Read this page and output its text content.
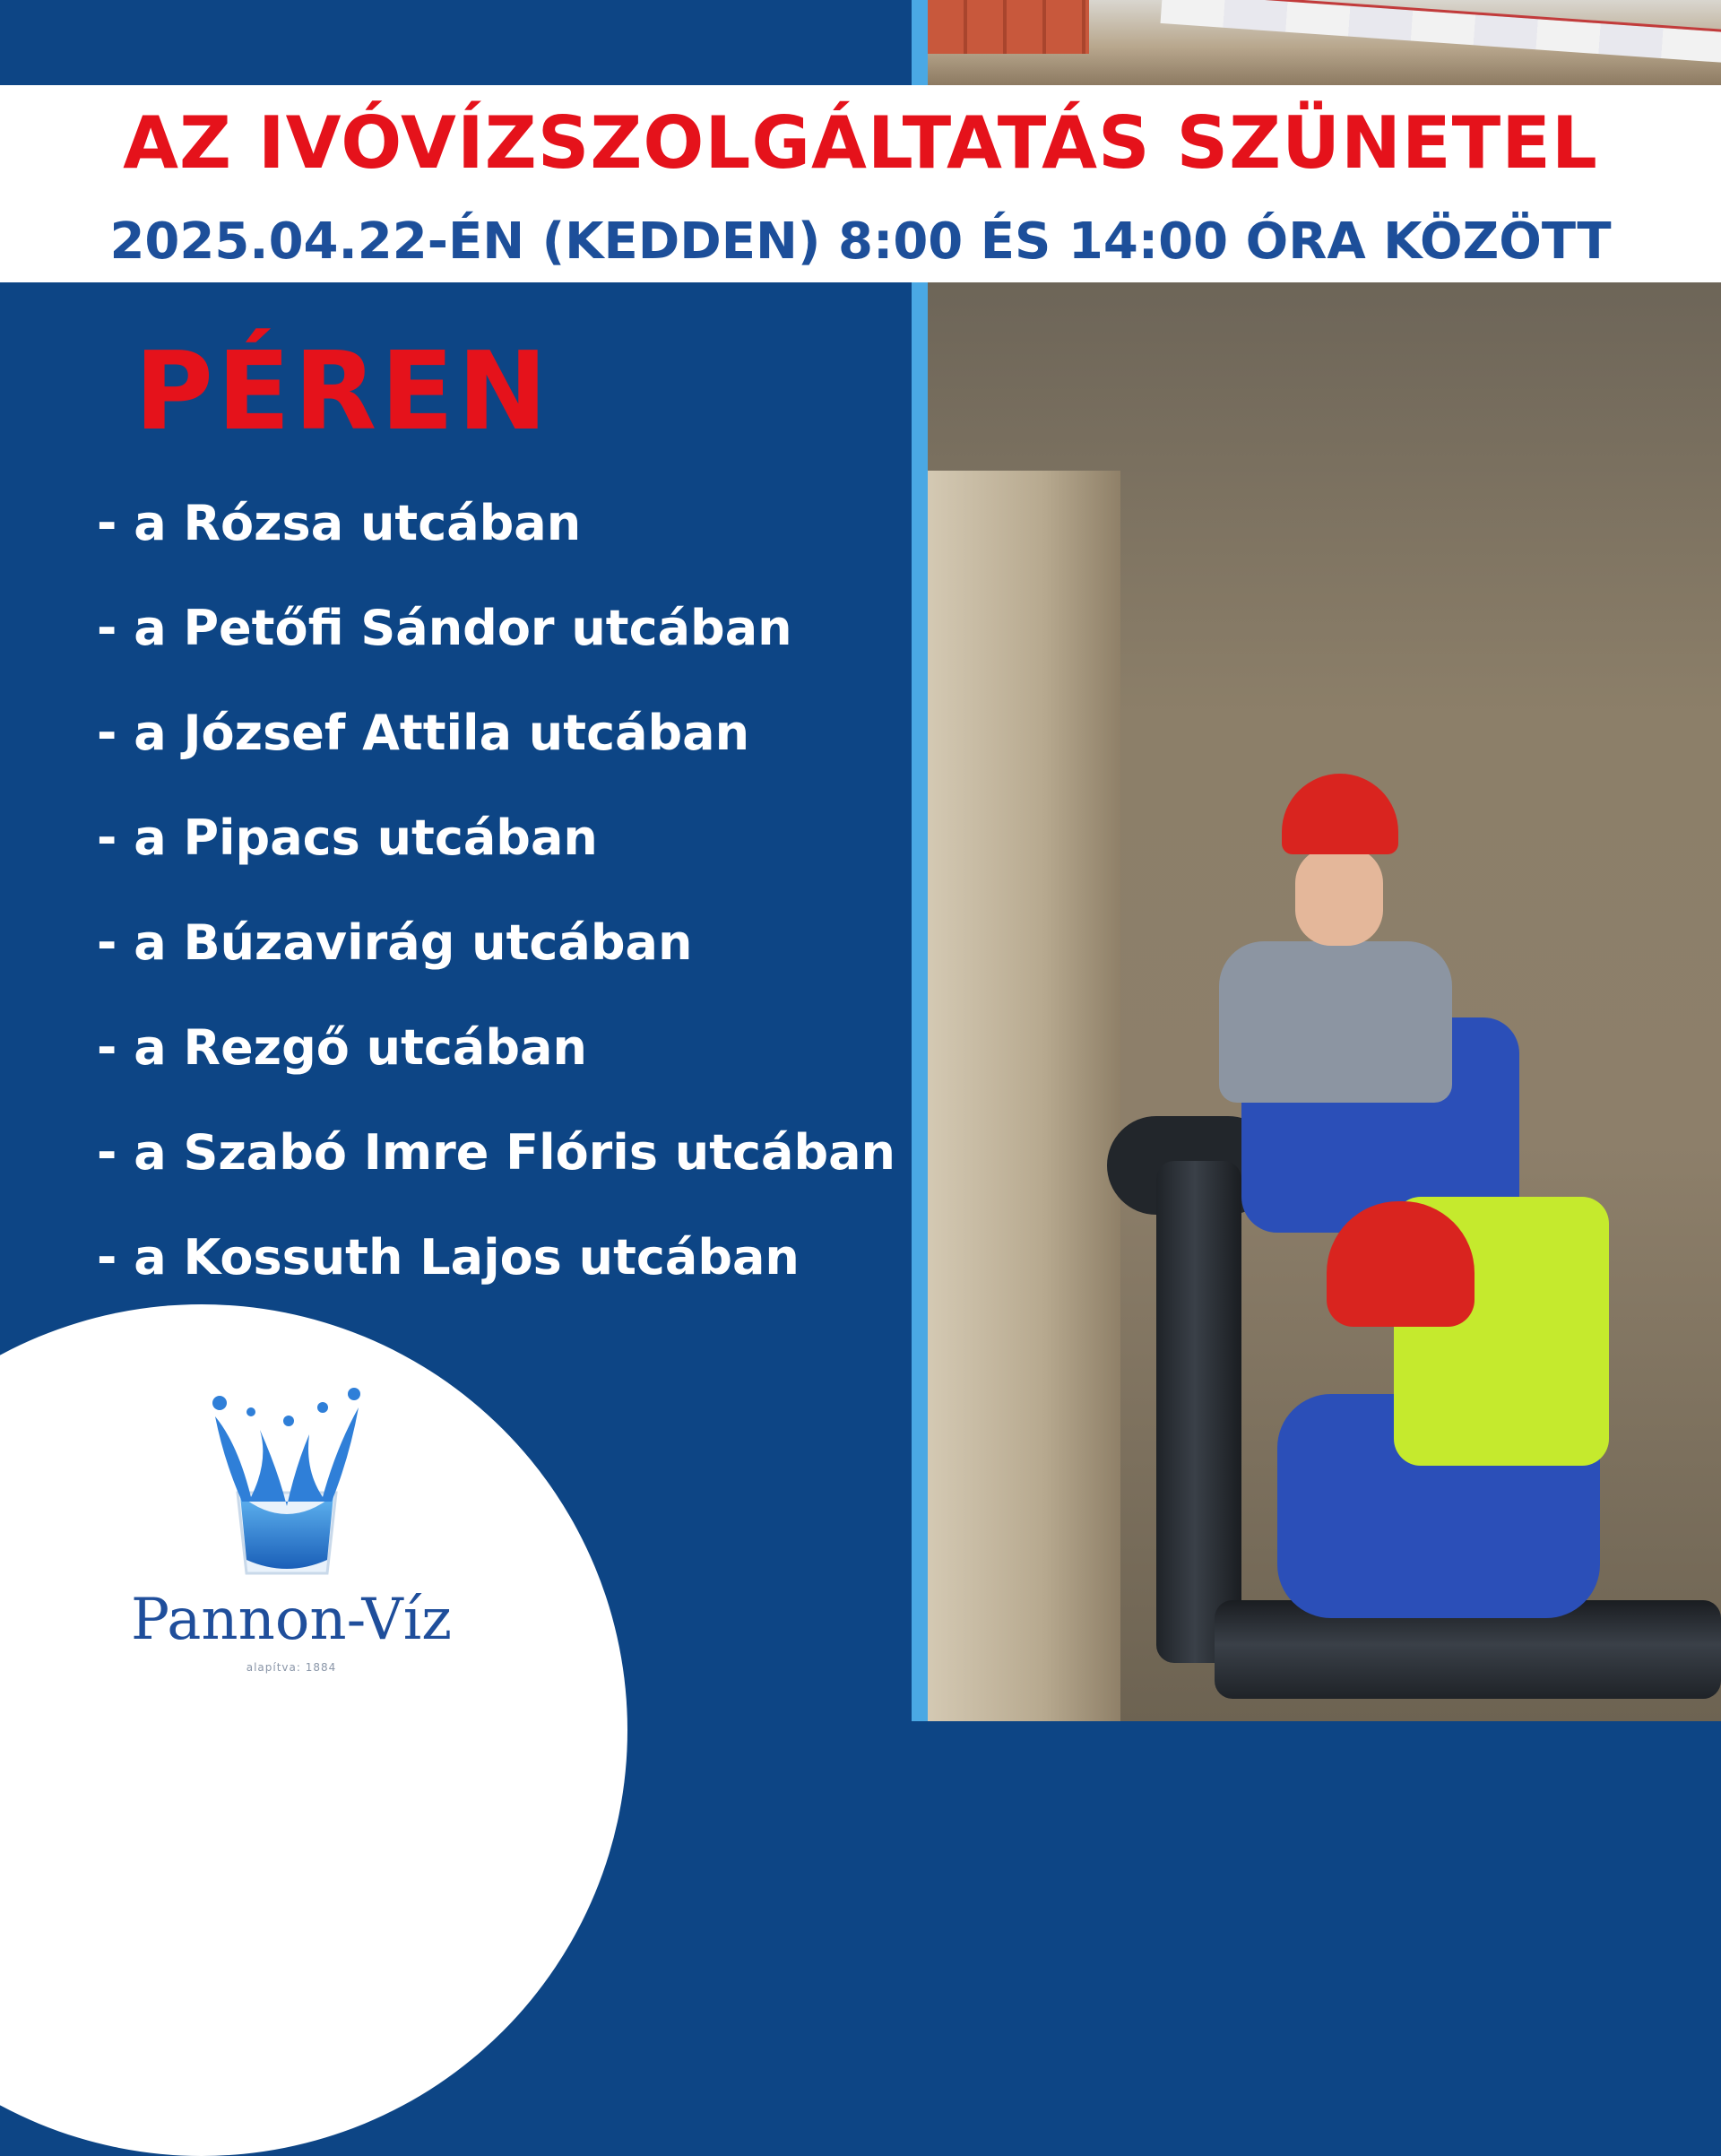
AZ IVÓVÍZSZOLGÁLTATÁS SZÜNETEL
2025.04.22-ÉN (KEDDEN) 8:00 ÉS 14:00 ÓRA KÖZÖTT
PÉREN
- a Rózsa utcában
- a Petőfi Sándor utcában
- a József Attila utcában
- a Pipacs utcában
- a Búzavirág utcában
- a Rezgő utcában
- a Szabó Imre Flóris utcában
- a Kossuth Lajos utcában
Pannon-Víz
alapítva: 1884
